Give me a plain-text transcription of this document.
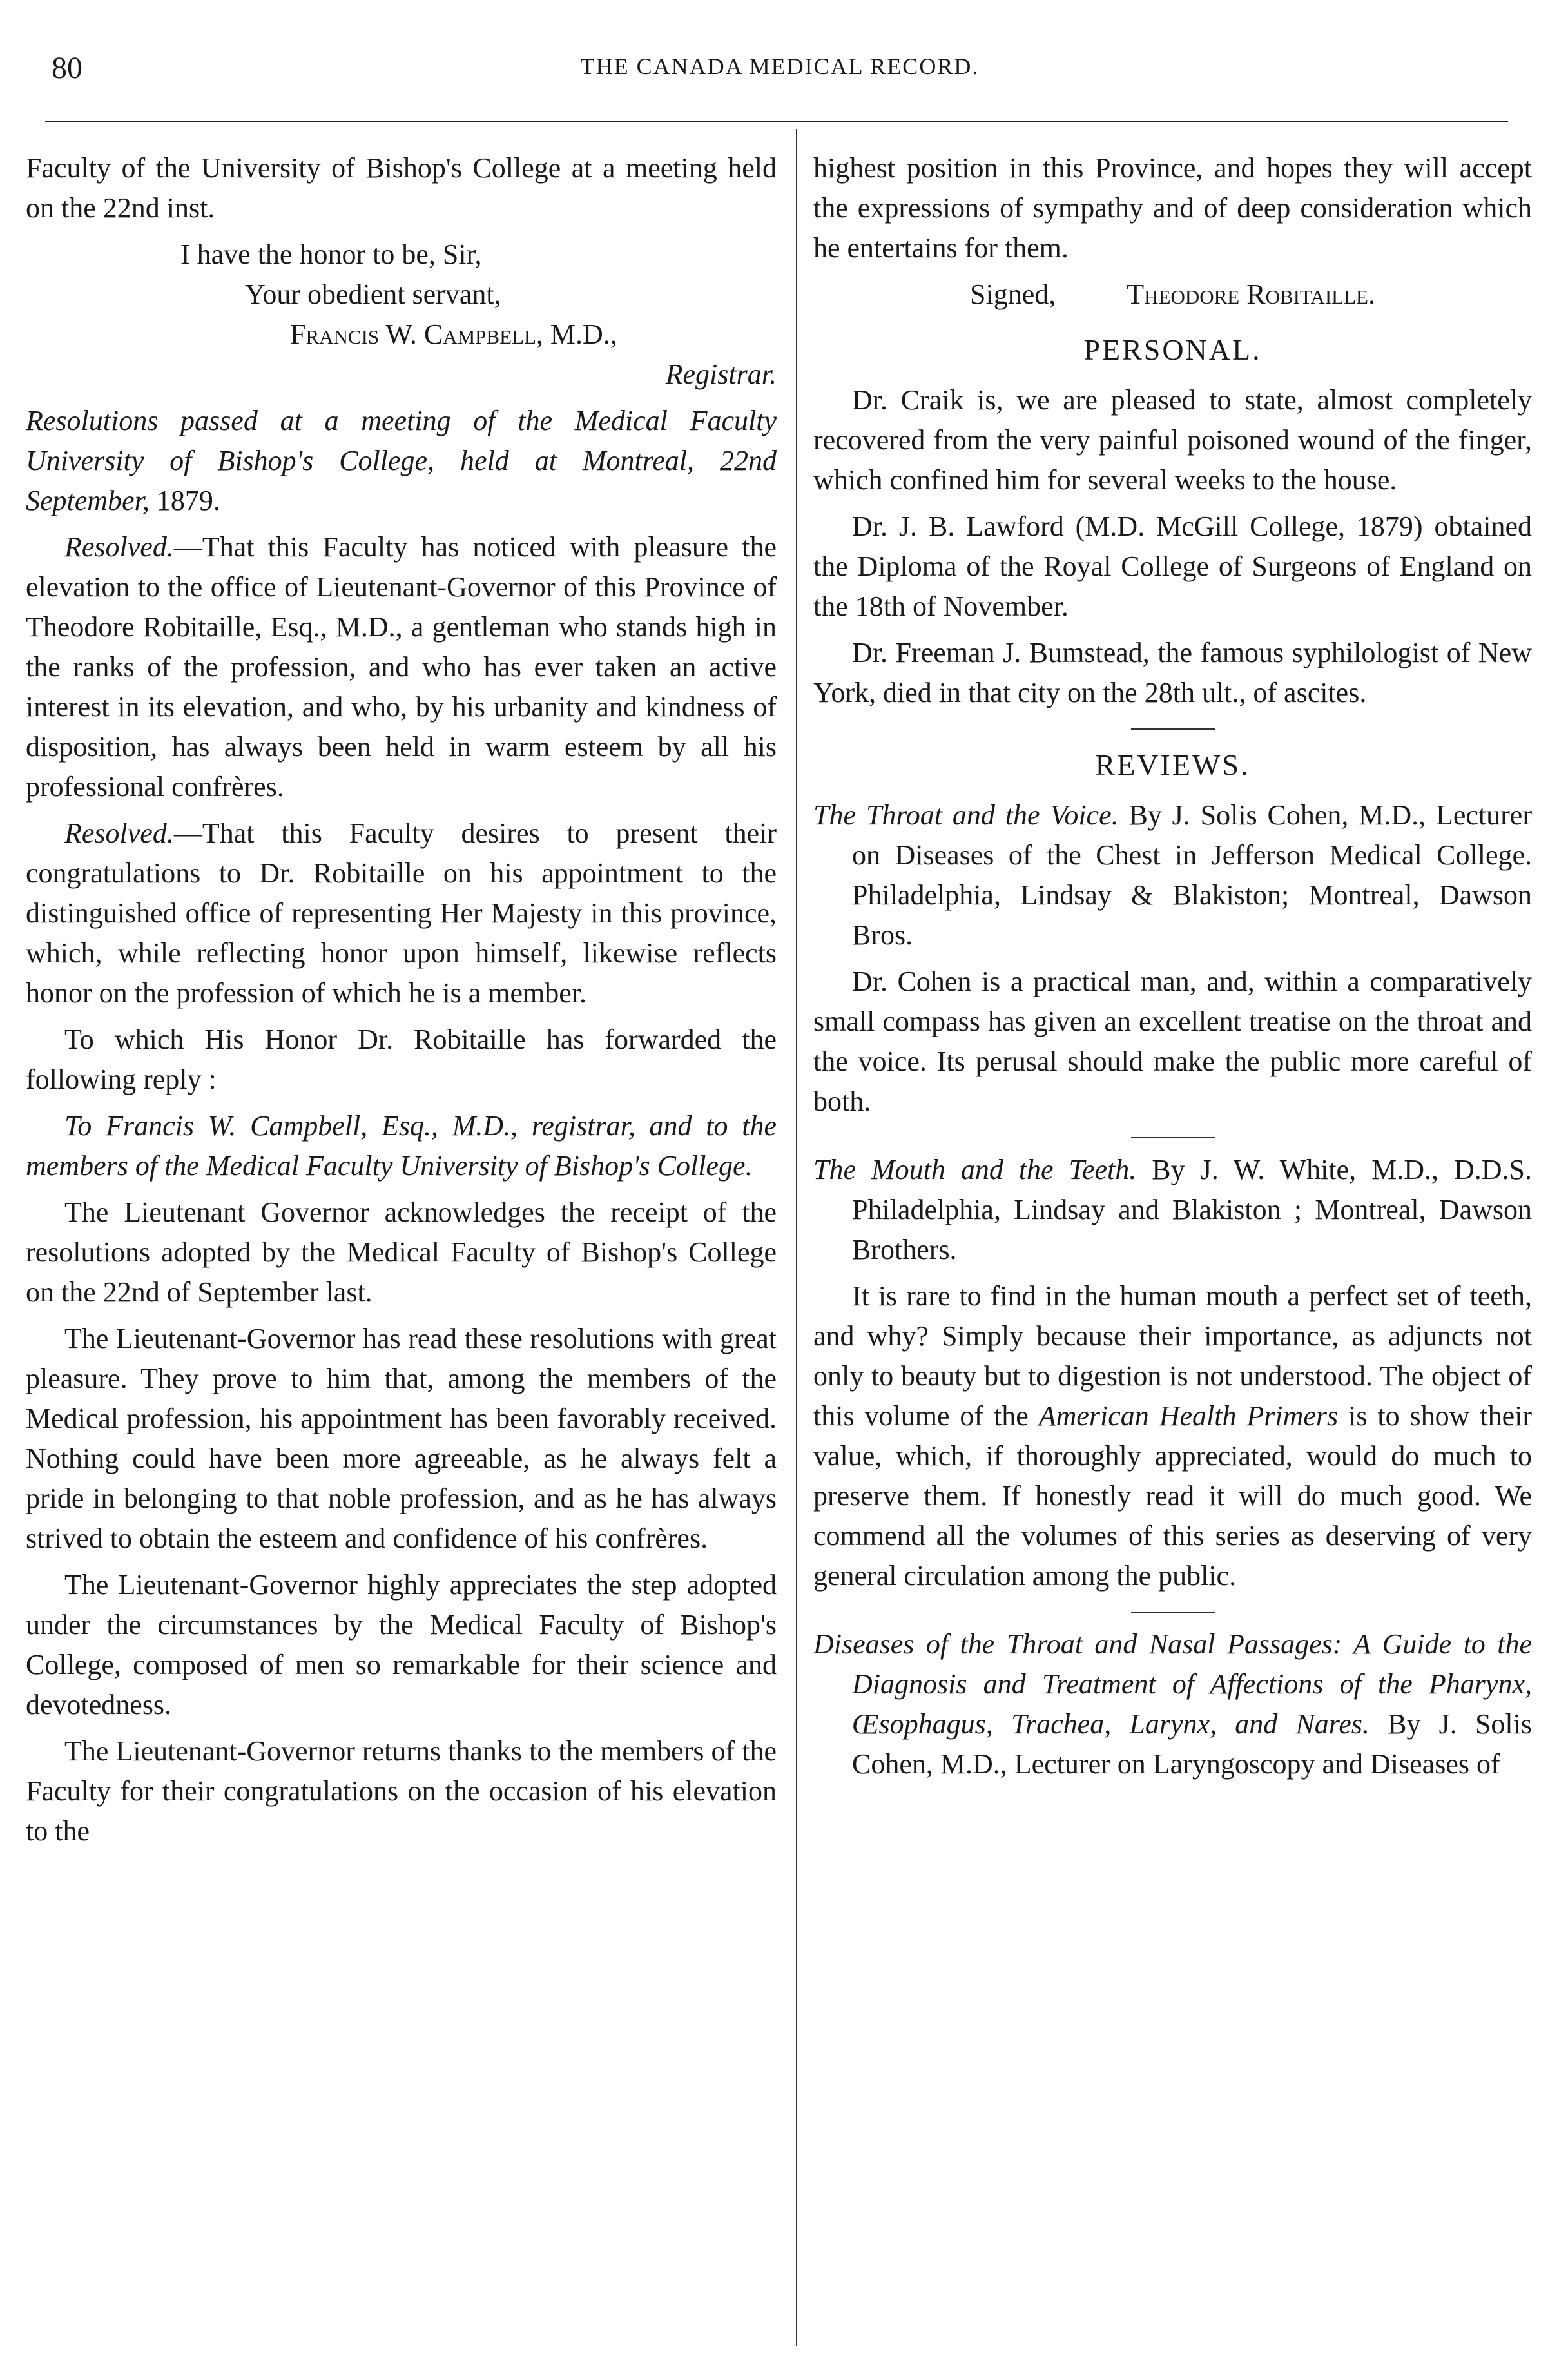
80	THE CANADA MEDICAL RECORD.

Faculty of the University of Bishop's College at a meeting held on the 22nd inst.

I have the honor to be, Sir,

Your obedient servant,

Francis W. Campbell, M.D.,

Registrar.

Resolutions passed at a meeting of the Medical Faculty University of Bishop's College, held at Montreal, 22nd September, 1879.

Resolved.—That this Faculty has noticed with pleasure the elevation to the office of Lieutenant-Governor of this Province of Theodore Robitaille, Esq., M.D., a gentleman who stands high in the ranks of the profession, and who has ever taken an active interest in its elevation, and who, by his urbanity and kindness of disposition, has always been held in warm esteem by all his professional confrères.

Resolved.—That this Faculty desires to present their congratulations to Dr. Robitaille on his appointment to the distinguished office of representing Her Majesty in this province, which, while reflecting honor upon himself, likewise reflects honor on the profession of which he is a member.

To which His Honor Dr. Robitaille has forwarded the following reply :

To Francis W. Campbell, Esq., M.D., registrar, and to the members of the Medical Faculty University of Bishop's College.

The Lieutenant Governor acknowledges the receipt of the resolutions adopted by the Medical Faculty of Bishop's College on the 22nd of September last.

The Lieutenant-Governor has read these resolutions with great pleasure. They prove to him that, among the members of the Medical profession, his appointment has been favorably received. Nothing could have been more agreeable, as he always felt a pride in belonging to that noble profession, and as he has always strived to obtain the esteem and confidence of his confrères.

The Lieutenant-Governor highly appreciates the step adopted under the circumstances by the Medical Faculty of Bishop's College, composed of men so remarkable for their science and devotedness.

The Lieutenant-Governor returns thanks to the members of the Faculty for their congratulations on the occasion of his elevation to the

highest position in this Province, and hopes they will accept the expressions of sympathy and of deep consideration which he entertains for them.

Signed,	Theodore Robitaille.
PERSONAL.

Dr. Craik is, we are pleased to state, almost completely recovered from the very painful poisoned wound of the finger, which confined him for several weeks to the house.

Dr. J. B. Lawford (M.D. McGill College, 1879) obtained the Diploma of the Royal College of Surgeons of England on the 18th of November.

Dr. Freeman J. Bumstead, the famous syphilologist of New York, died in that city on the 28th ult., of ascites.

REVIEWS.

The Throat and the Voice. By J. Solis Cohen, M.D., Lecturer on Diseases of the Chest in Jefferson Medical College. Philadelphia, Lindsay & Blakiston; Montreal, Dawson Bros.

Dr. Cohen is a practical man, and, within a comparatively small compass has given an excellent treatise on the throat and the voice. Its perusal should make the public more careful of both.

The Mouth and the Teeth. By J. W. White, M.D., D.D.S. Philadelphia, Lindsay and Blakiston ; Montreal, Dawson Brothers.

It is rare to find in the human mouth a perfect set of teeth, and why? Simply because their importance, as adjuncts not only to beauty but to digestion is not understood. The object of this volume of the American Health Primers is to show their value, which, if thoroughly appreciated, would do much to preserve them. If honestly read it will do much good. We commend all the volumes of this series as deserving of very general circulation among the public.

Diseases of the Throat and Nasal Passages: A Guide to the Diagnosis and Treatment of Affections of the Pharynx, Œsophagus, Trachea, Larynx, and Nares. By J. Solis Cohen, M.D., Lecturer on Laryngoscopy and Diseases of
